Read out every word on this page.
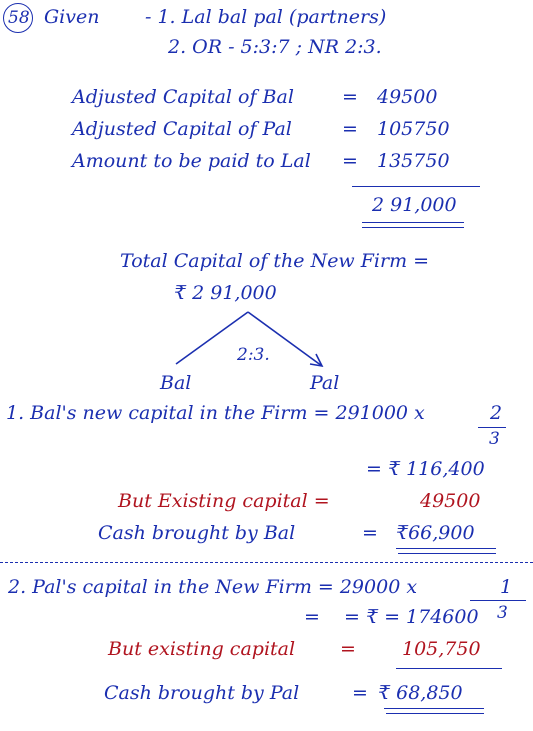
58 Given - 1. Lal bal pal (partners)
2. OR - 5:3:7 ; NR 2:3.
Adjusted Capital of Bal	= 49500
Adjusted Capital of Pal	= 105750
Amount to be paid to Lal = 135750
2 91,000
Total Capital of the New Firm =
₹ 2 91,000
2:3.
Bal	Pal
1. Bal's new capital in the Firm = 291000 x	2
3
= ₹ 116,400
But Existing capital =	49500
Cash brought by Bal	= ₹66,900
2. Pal's capital in the New Firm = 29000 x	1
3
= = ₹ = 174600
But existing capital = 105,750
Cash brought by Pal	= ₹ 68,850
